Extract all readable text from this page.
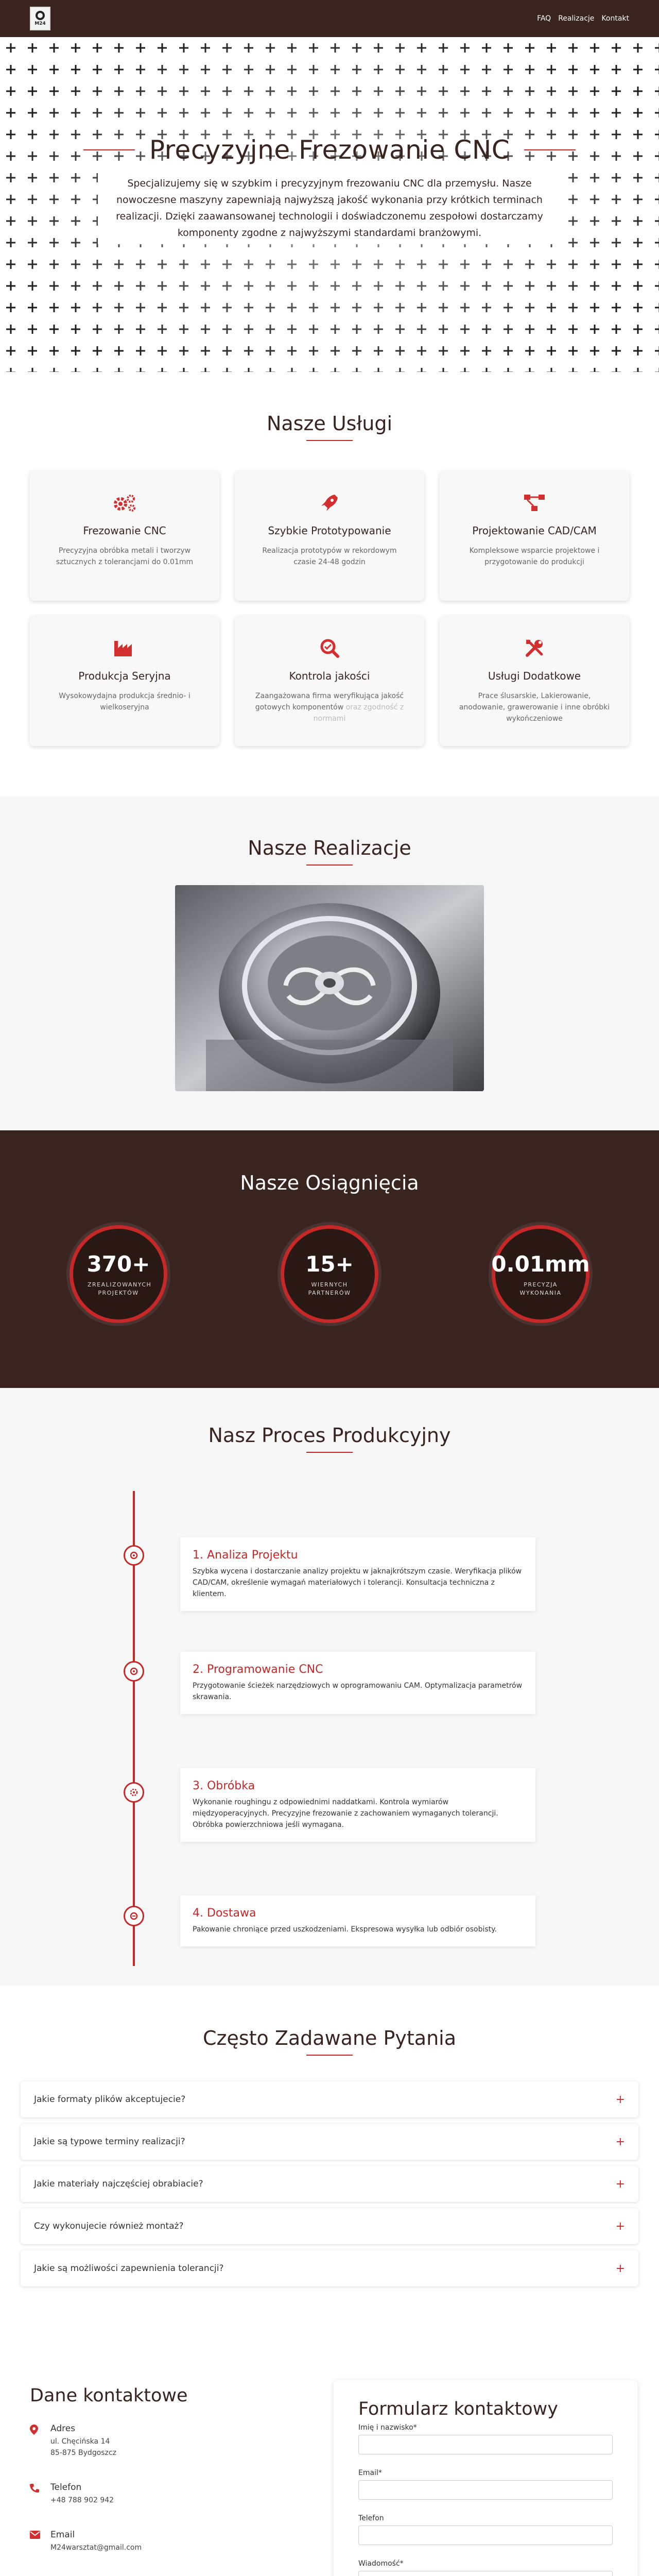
M24
FAQ Realizacje Kontakt
Precyzyjne Frezowanie CNC

Specjalizujemy się w szybkim i precyzyjnym frezowaniu CNC dla przemysłu. Nasze nowoczesne maszyny zapewniają najwyższą jakość wykonania przy krótkich terminach realizacji. Dzięki zaawansowanej technologii i doświadczonemu zespołowi dostarczamy komponenty zgodne z najwyższymi standardami branżowymi.

Nasze Usługi
Frezowanie CNC

Precyzyjna obróbka metali i tworzyw sztucznych z tolerancjami do 0.01mm

Szybkie Prototypowanie

Realizacja prototypów w rekordowym czasie 24-48 godzin

Projektowanie CAD/CAM

Kompleksowe wsparcie projektowe i przygotowanie do produkcji

Produkcja Seryjna

Wysokowydajna produkcja średnio- i wielkoseryjna

Kontrola jakości

Zaangażowana firma weryfikująca jakość gotowych komponentów oraz zgodność z normami

Usługi Dodatkowe

Prace ślusarskie, Lakierowanie, anodowanie, grawerowanie i inne obróbki wykończeniowe

Nasze Realizacje
Nasze Osiągnięcia
370+
ZREALIZOWANYCH PROJEKTÓW
15+
WIERNYCH PARTNERÓW
0.01mm
PRECYZJA WYKONANIA
Nasz Proces Produkcyjny
1. Analiza Projektu

Szybka wycena i dostarczanie analizy projektu w jaknajkrótszym czasie. Weryfikacja plików CAD/CAM, określenie wymagań materiałowych i tolerancji. Konsultacja techniczna z klientem.

2. Programowanie CNC

Przygotowanie ścieżek narzędziowych w oprogramowaniu CAM. Optymalizacja parametrów skrawania.

3. Obróbka

Wykonanie roughingu z odpowiednimi naddatkami. Kontrola wymiarów międzyoperacyjnych. Precyzyjne frezowanie z zachowaniem wymaganych tolerancji. Obróbka powierzchniowa jeśli wymagana.

4. Dostawa

Pakowanie chroniące przed uszkodzeniami. Ekspresowa wysyłka lub odbiór osobisty.

Często Zadawane Pytania
Jakie formaty plików akceptujecie?	+
Jakie są typowe terminy realizacji?	+
Jakie materiały najczęściej obrabiacie?	+
Czy wykonujecie również montaż?	+
Jakie są możliwości zapewnienia tolerancji?	+
Dane kontaktowe
Adres
ul. Chęcińska 14
85-875 Bydgoszcz
Telefon
+48 788 902 942
Email
M24warsztat@gmail.com
Formularz kontaktowy
Imię i nazwisko*
Email*
Telefon
Wiadomość*
